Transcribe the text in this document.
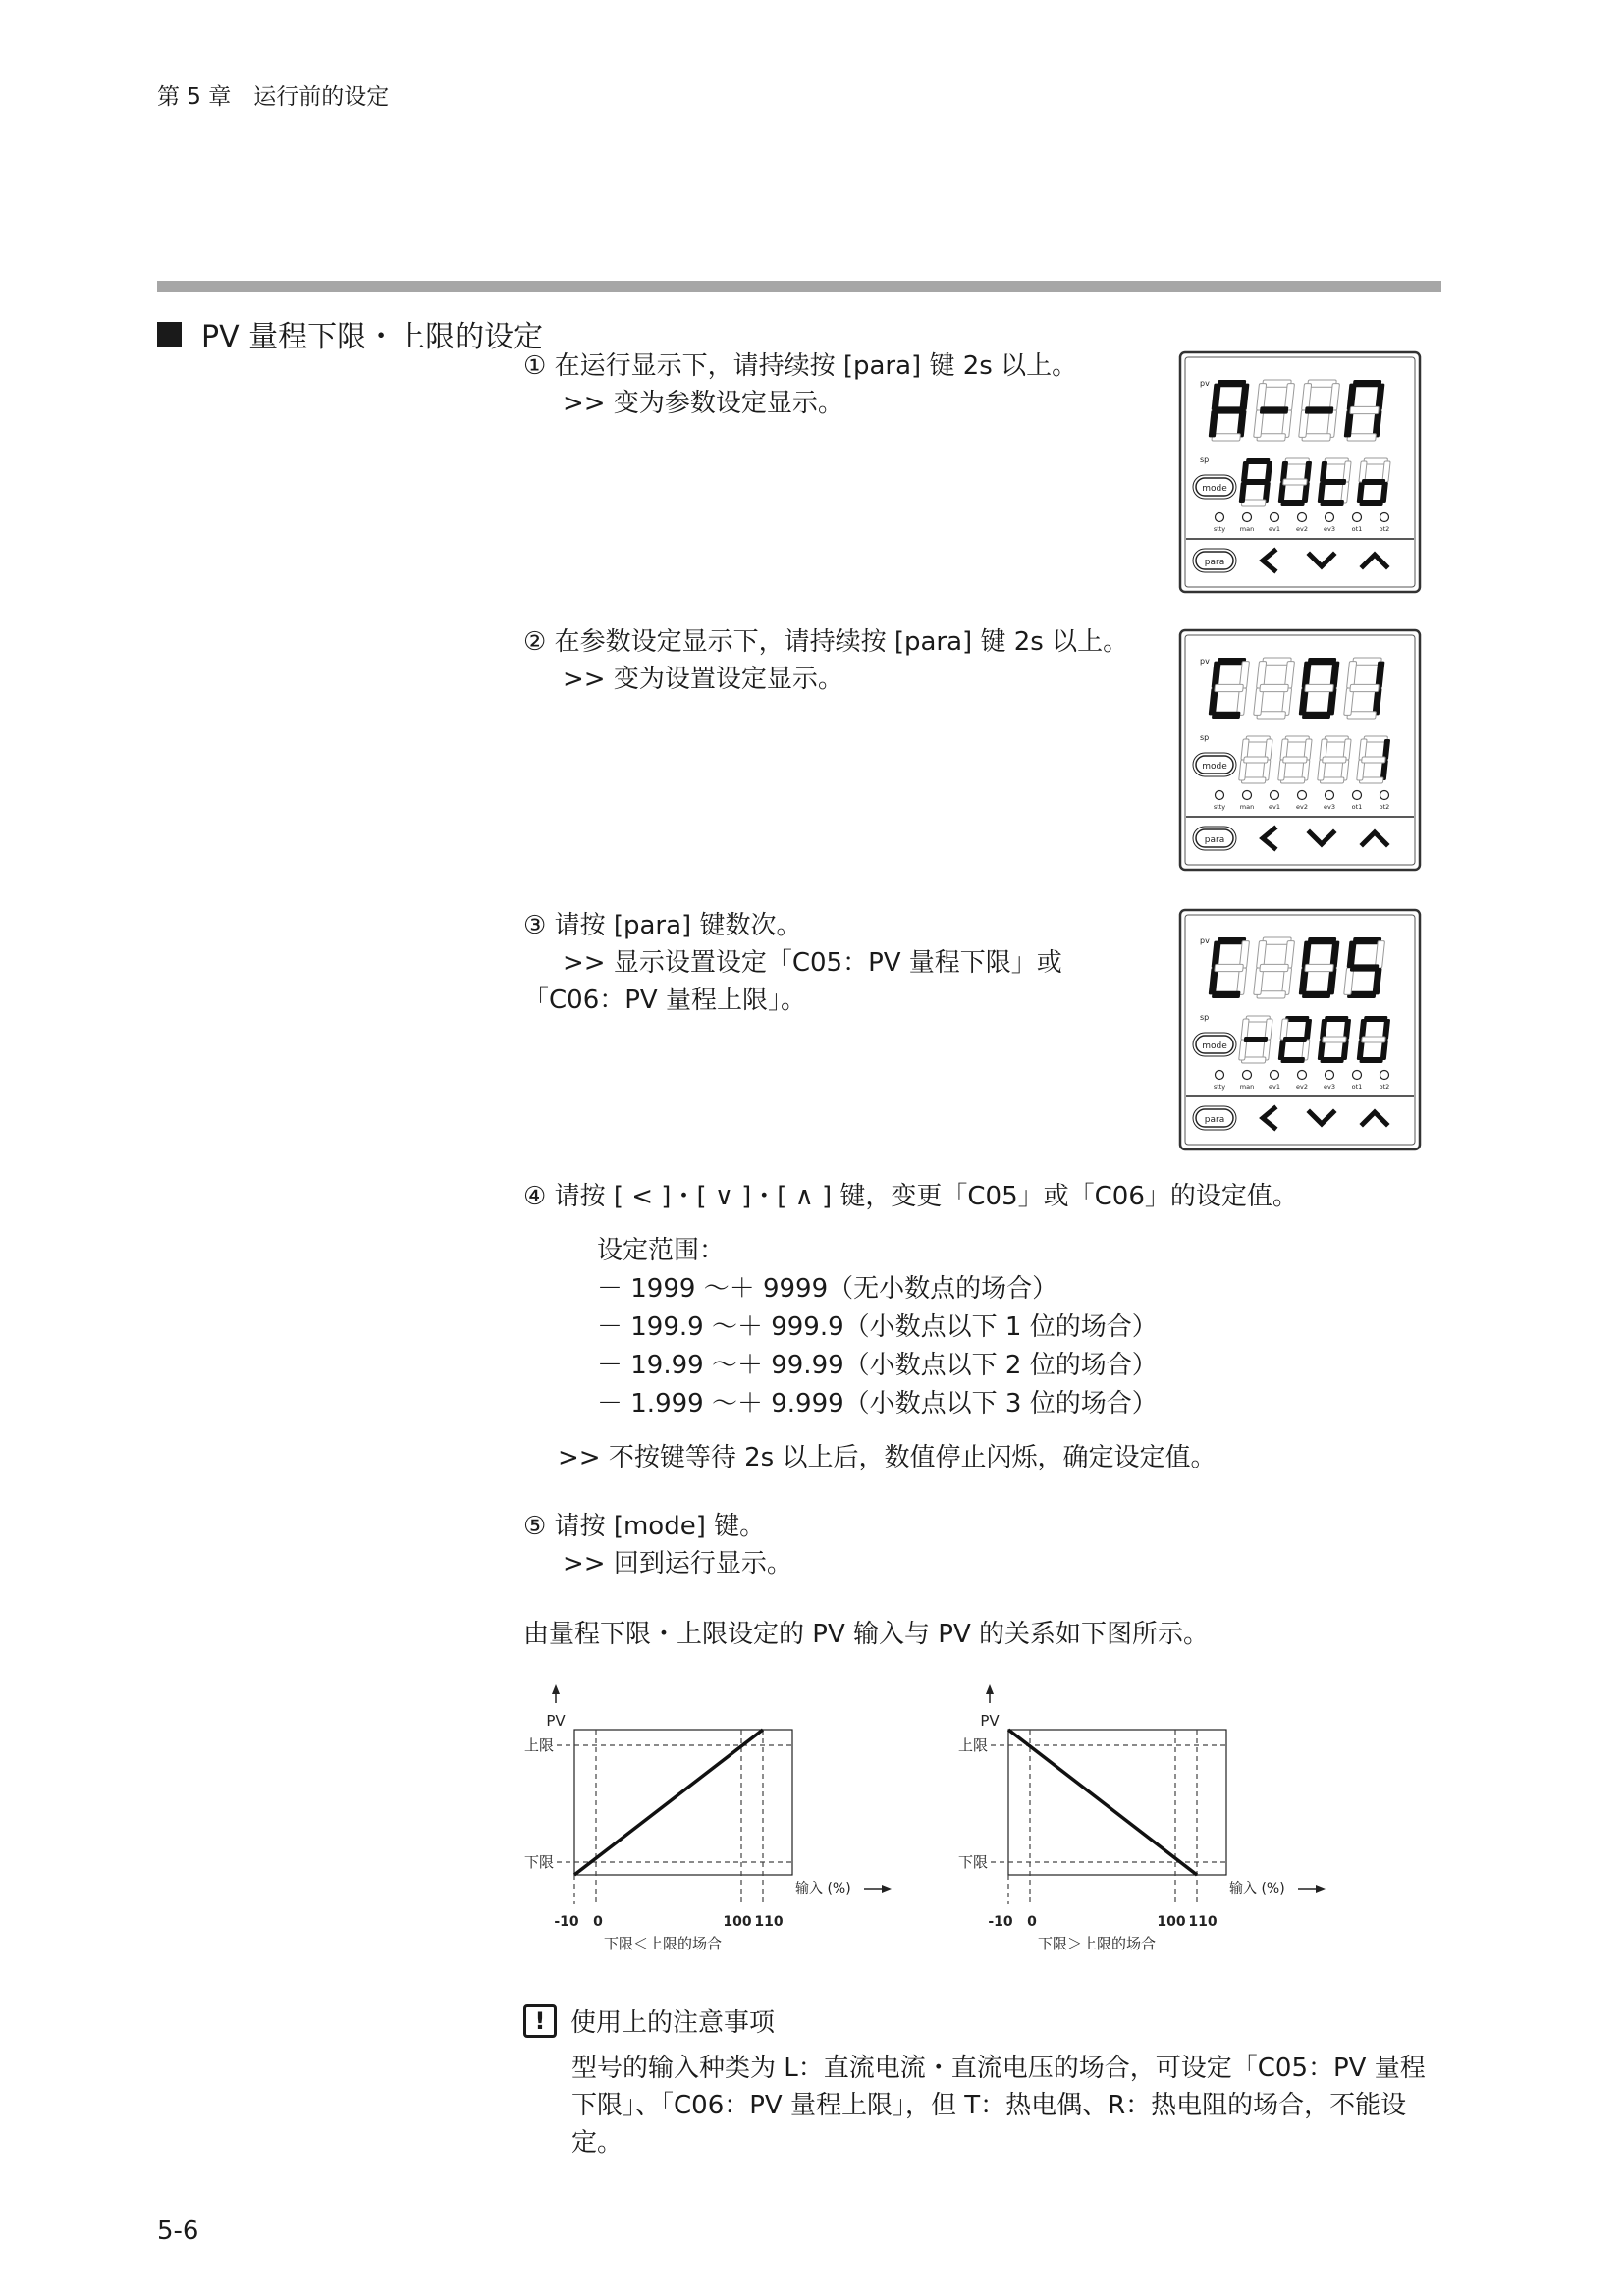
第 5 章　 运行前的设定
PV 量程下限・上限的设定
① 在运行显示下，请持续按 [para] 键 2s 以上。
>> 变为参数设定显示。
② 在参数设定显示下，请持续按 [para] 键 2s 以上。
>> 变为设置设定显示。
③ 请按 [para] 键数次。
>> 显示设置设定「C05：PV 量程下限」或
「C06：PV 量程上限」。
④ 请按 [ < ]・[ ∨ ]・[ ∧ ] 键，变更「C05」或「C06」的设定值。
设定范围：
－ 1999 ～＋ 9999（无小数点的场合）
－ 199.9 ～＋ 999.9（小数点以下 1 位的场合）
－ 19.99 ～＋ 99.99（小数点以下 2 位的场合）
－ 1.999 ～＋ 9.999（小数点以下 3 位的场合）
>> 不按键等待 2s 以上后，数值停止闪烁，确定设定值。
⑤ 请按 [mode] 键。
>> 回到运行显示。
由量程下限・上限设定的 PV 输入与 PV 的关系如下图所示。
pv
sp
mode
stty man ev1 ev2 ev3	ot1	ot2
para
pv
sp
mode
stty man ev1 ev2 ev3	ot1	ot2
para
pv
sp
mode
stty man ev1 ev2 ev3	ot1	ot2
para
PV
上限
下限
输入 (%)
-10 0	100 110
下限＜上限的场合
PV
上限
下限
输入 (%)
-10 0	100 110
下限＞上限的场合
! 使用上的注意事项
型号的输入种类为 L：直流电流・直流电压的场合，可设定「C05：PV 量程下限」、「C06：PV 量程上限」，但 T：热电偶、R：热电阻的场合，不能设定。
5-6
